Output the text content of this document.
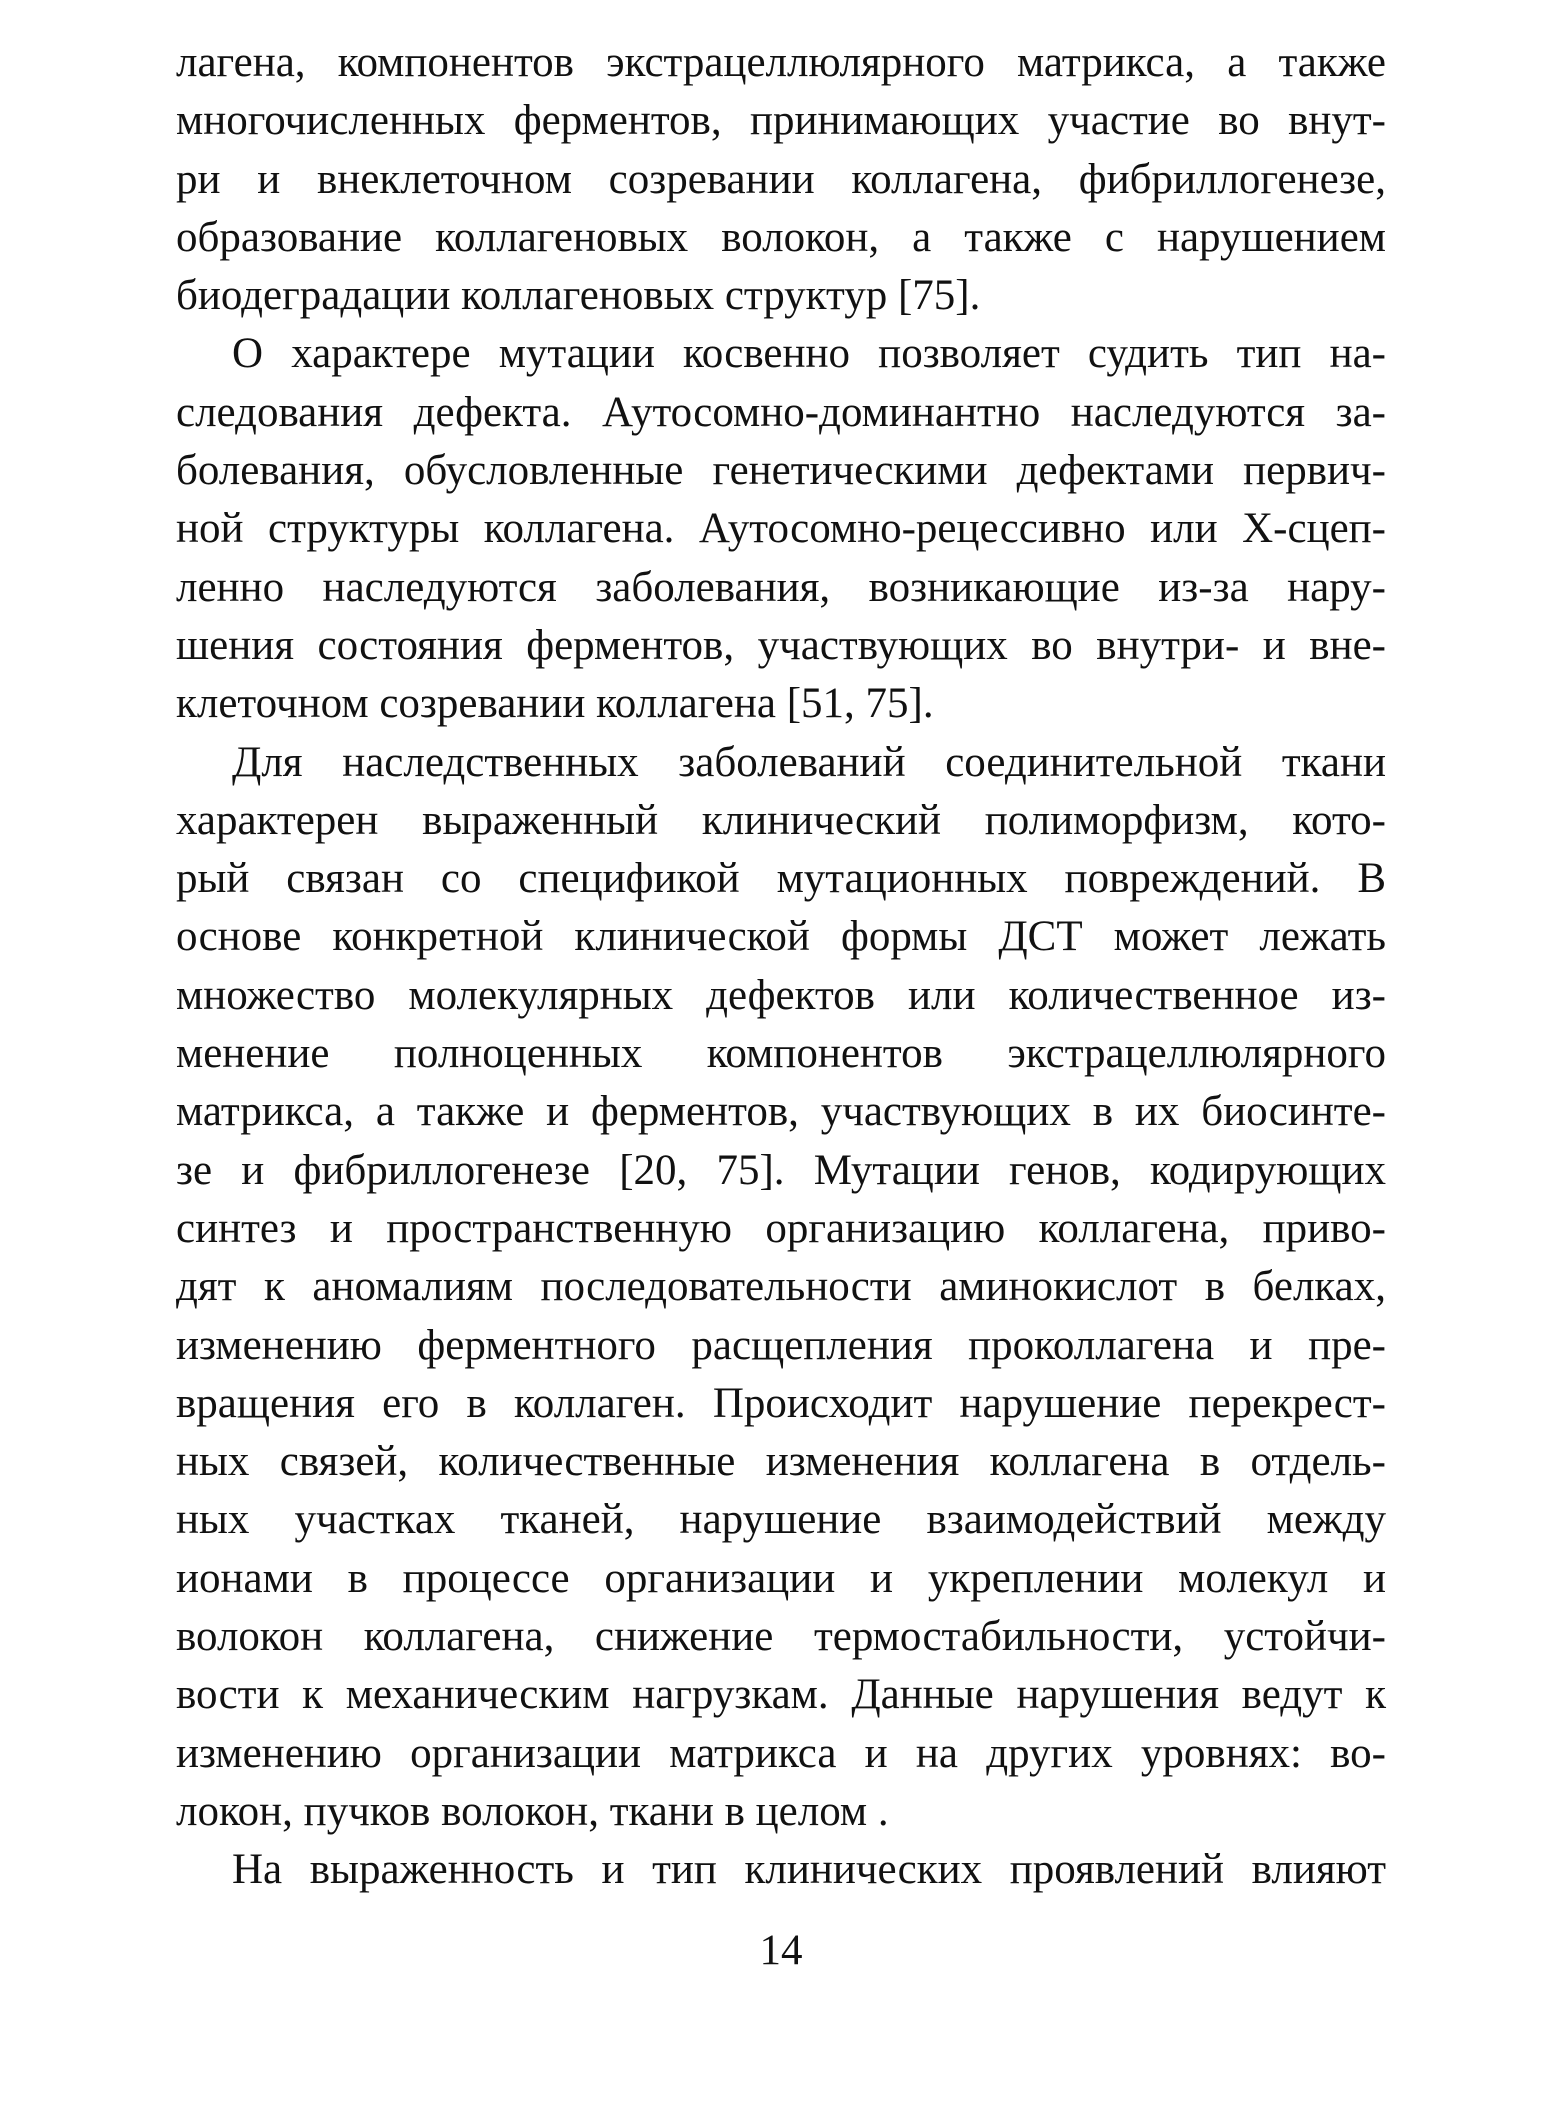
лагена, компонентов экстрацеллюлярного матрикса, а также
многочисленных ферментов, принимающих участие во внут-
ри и внеклеточном созревании коллагена, фибриллогенезе,
образование коллагеновых волокон, а также с нарушением
биодеградации коллагеновых структур [75].
О характере мутации косвенно позволяет судить тип на-
следования дефекта. Аутосомно-доминантно наследуются за-
болевания, обусловленные генетическими дефектами первич-
ной структуры коллагена. Аутосомно-рецессивно или Х-сцеп-
ленно наследуются заболевания, возникающие из-за нару-
шения состояния ферментов, участвующих во внутри- и вне-
клеточном созревании коллагена [51, 75].
Для наследственных заболеваний соединительной ткани
характерен выраженный клинический полиморфизм, кото-
рый связан со спецификой мутационных повреждений. В
основе конкретной клинической формы ДСТ может лежать
множество молекулярных дефектов или количественное из-
менение полноценных компонентов экстрацеллюлярного
матрикса, а также и ферментов, участвующих в их биосинте-
зе и фибриллогенезе [20, 75]. Мутации генов, кодирующих
синтез и пространственную организацию коллагена, приво-
дят к аномалиям последовательности аминокислот в белках,
изменению ферментного расщепления проколлагена и пре-
вращения его в коллаген. Происходит нарушение перекрест-
ных связей, количественные изменения коллагена в отдель-
ных участках тканей, нарушение взаимодействий между
ионами в процессе организации и укреплении молекул и
волокон коллагена, снижение термостабильности, устойчи-
вости к механическим нагрузкам. Данные нарушения ведут к
изменению организации матрикса и на других уровнях: во-
локон, пучков волокон, ткани в целом .
На выраженность и тип клинических проявлений влияют
14
